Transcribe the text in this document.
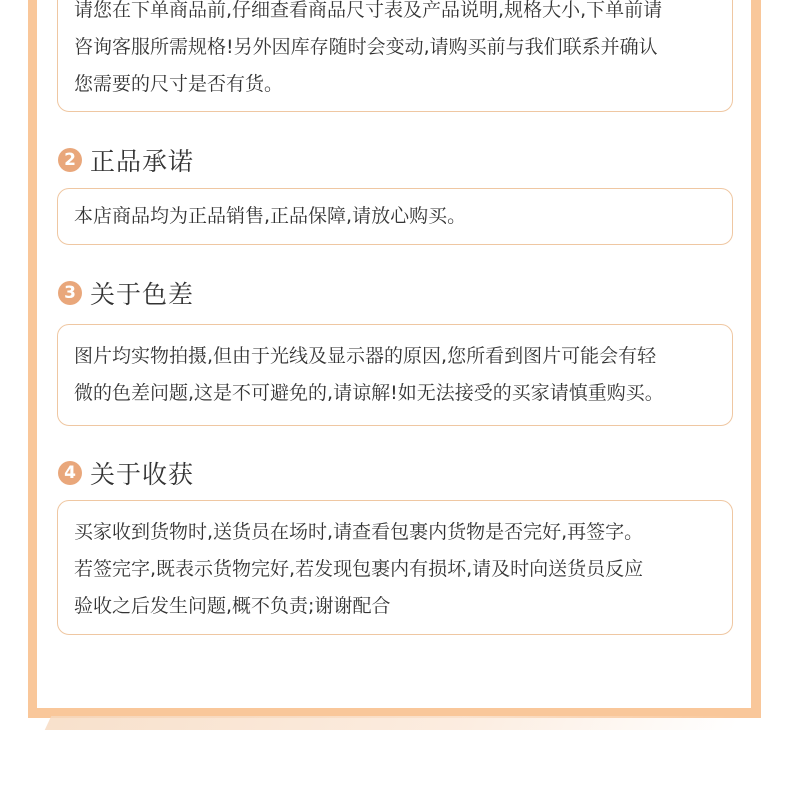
请您在下单商品前,仔细查看商品尺寸表及产品说明,规格大小,下单前请

咨询客服所需规格!另外因库存随时会变动,请购买前与我们联系并确认

您需要的尺寸是否有货。

2 正品承诺

本店商品均为正品销售,正品保障,请放心购买。

3 关于色差

图片均实物拍摄,但由于光线及显示器的原因,您所看到图片可能会有轻

微的色差问题,这是不可避免的,请谅解!如无法接受的买家请慎重购买。

4 关于收获

买家收到货物时,送货员在场时,请查看包裹内货物是否完好,再签字。

若签完字,既表示货物完好,若发现包裹内有损坏,请及时向送货员反应

验收之后发生问题,概不负责;谢谢配合
